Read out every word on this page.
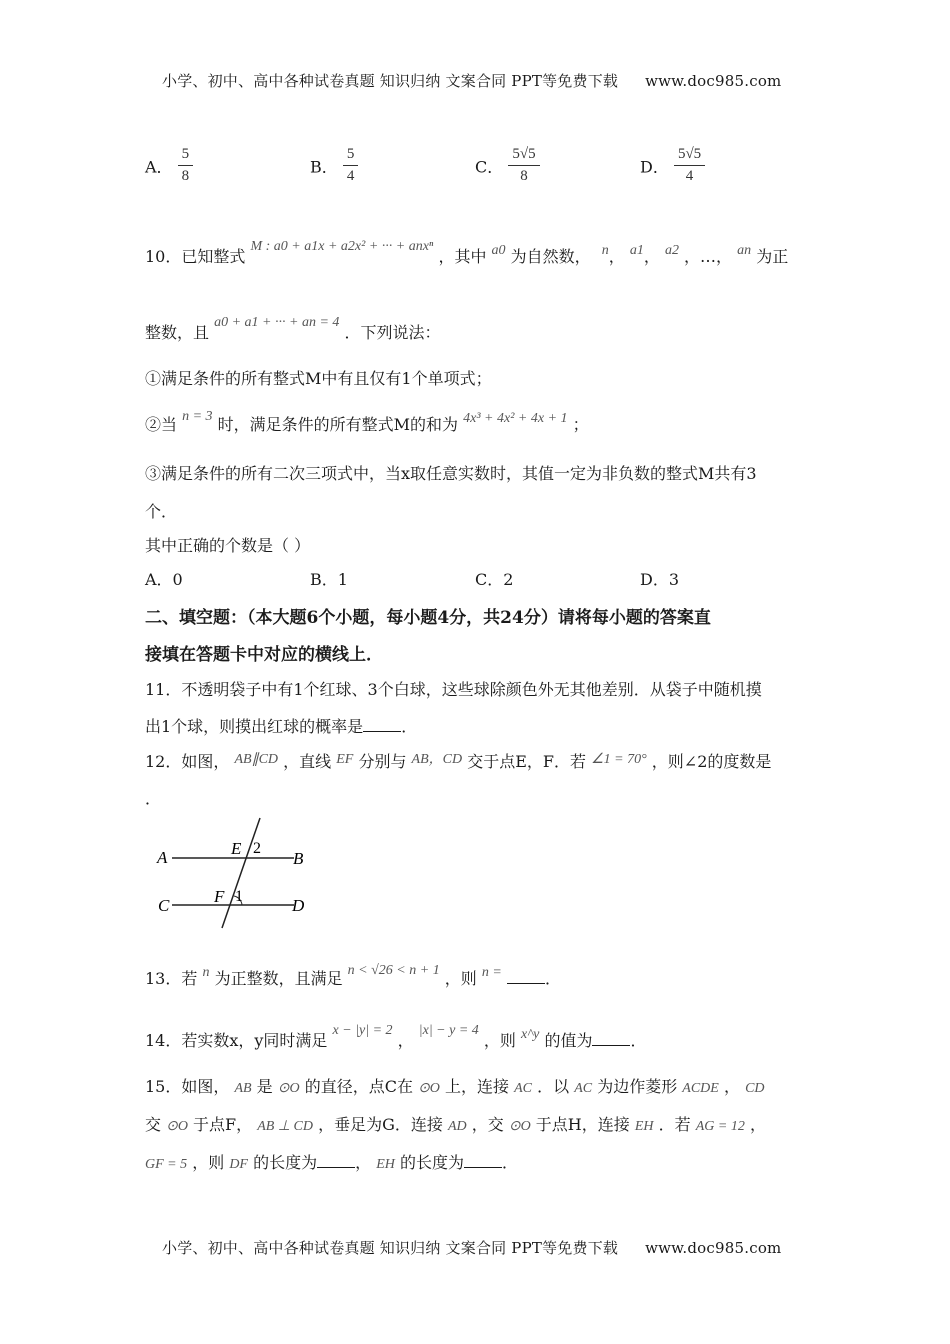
小学、初中、高中各种试卷真题 知识归纳 文案合同 PPT等免费下载 www.doc985.com
A． $\frac{5}{8}$	B． $\frac{5}{4}$	C． $\frac{5√5}{8}$	D． $\frac{5√5}{4}$
10．已知整式 M : a0 + a1x + a2x² + ··· + anxⁿ ，其中 a0 为自然数， n， a1， a2 ，…， an 为正
整数，且 a0 + a1 + ··· + an = 4 ．下列说法：
①满足条件的所有整式M中有且仅有1个单项式；
②当 n = 3 时，满足条件的所有整式M的和为 4x³ + 4x² + 4x + 1 ；
③满足条件的所有二次三项式中，当x取任意实数时，其值一定为非负数的整式M共有3
个．
其中正确的个数是（ ）
A．0	B．1	C．2	D．3
二、填空题：（本大题6个小题，每小题4分，共24分）请将每小题的答案直
接填在答题卡中对应的横线上．
11．不透明袋子中有1个红球、3个白球，这些球除颜色外无其他差别．从袋子中随机摸
出1个球，则摸出红球的概率是 ．
12．如图， AB∥CD ，直线 EF 分别与 AB，CD 交于点E，F．若 ∠1 = 70° ，则∠2的度数是
．
A	B
C	D
E
F
2
1
13．若 n 为正整数，且满足 n < √26 < n + 1 ，则 n =	．
14．若实数x，y同时满足 x − |y| = 2 ， |x| − y = 4 ，则 x^y 的值为 ．
15．如图， AB 是 ⊙O 的直径，点C在 ⊙O 上，连接 AC ．以 AC 为边作菱形 ACDE ， CD
交 ⊙O 于点F， AB ⊥ CD ，垂足为G．连接 AD ，交 ⊙O 于点H，连接 EH ．若 AG = 12 ，
GF = 5 ，则 DF 的长度为 ， EH 的长度为 ．
小学、初中、高中各种试卷真题 知识归纳 文案合同 PPT等免费下载 www.doc985.com
